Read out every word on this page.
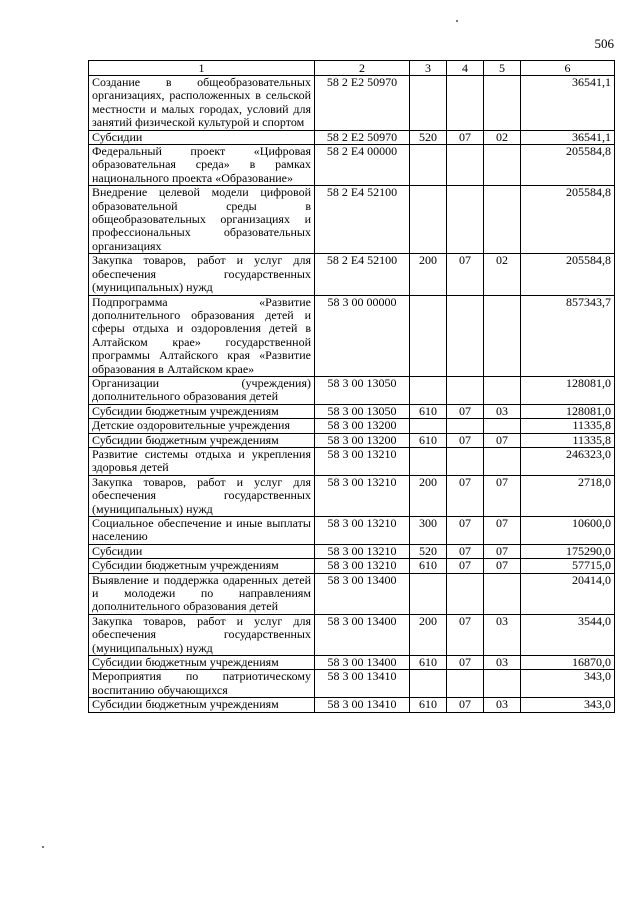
506
1	2	3	4	5	6
Создание в общеобразовательных организациях, расположенных в сельской местности и малых городах, условий для занятий физической культурой и спортом	58 2 E2 50970				36541,1
Субсидии	58 2 E2 50970	520	07	02	36541,1
Федеральный проект «Цифровая образовательная среда» в рамках национального проекта «Образование»	58 2 E4 00000				205584,8
Внедрение целевой модели цифровой образовательной среды в общеобразовательных организациях и профессиональных образовательных организациях	58 2 E4 52100				205584,8
Закупка товаров, работ и услуг для обеспечения государственных (муниципальных) нужд	58 2 E4 52100	200	07	02	205584,8
Подпрограмма «Развитие дополнительного образования детей и сферы отдыха и оздоровления детей в Алтайском крае» государственной программы Алтайского края «Развитие образования в Алтайском крае»	58 3 00 00000				857343,7
Организации (учреждения) дополнительного образования детей	58 3 00 13050				128081,0
Субсидии бюджетным учреждениям	58 3 00 13050	610	07	03	128081,0
Детские оздоровительные учреждения	58 3 00 13200				11335,8
Субсидии бюджетным учреждениям	58 3 00 13200	610	07	07	11335,8
Развитие системы отдыха и укрепления здоровья детей	58 3 00 13210				246323,0
Закупка товаров, работ и услуг для обеспечения государственных (муниципальных) нужд	58 3 00 13210	200	07	07	2718,0
Социальное обеспечение и иные выплаты населению	58 3 00 13210	300	07	07	10600,0
Субсидии	58 3 00 13210	520	07	07	175290,0
Субсидии бюджетным учреждениям	58 3 00 13210	610	07	07	57715,0
Выявление и поддержка одаренных детей и молодежи по направлениям дополнительного образования детей	58 3 00 13400				20414,0
Закупка товаров, работ и услуг для обеспечения государственных (муниципальных) нужд	58 3 00 13400	200	07	03	3544,0
Субсидии бюджетным учреждениям	58 3 00 13400	610	07	03	16870,0
Мероприятия по патриотическому воспитанию обучающихся	58 3 00 13410				343,0
Субсидии бюджетным учреждениям	58 3 00 13410	610	07	03	343,0
